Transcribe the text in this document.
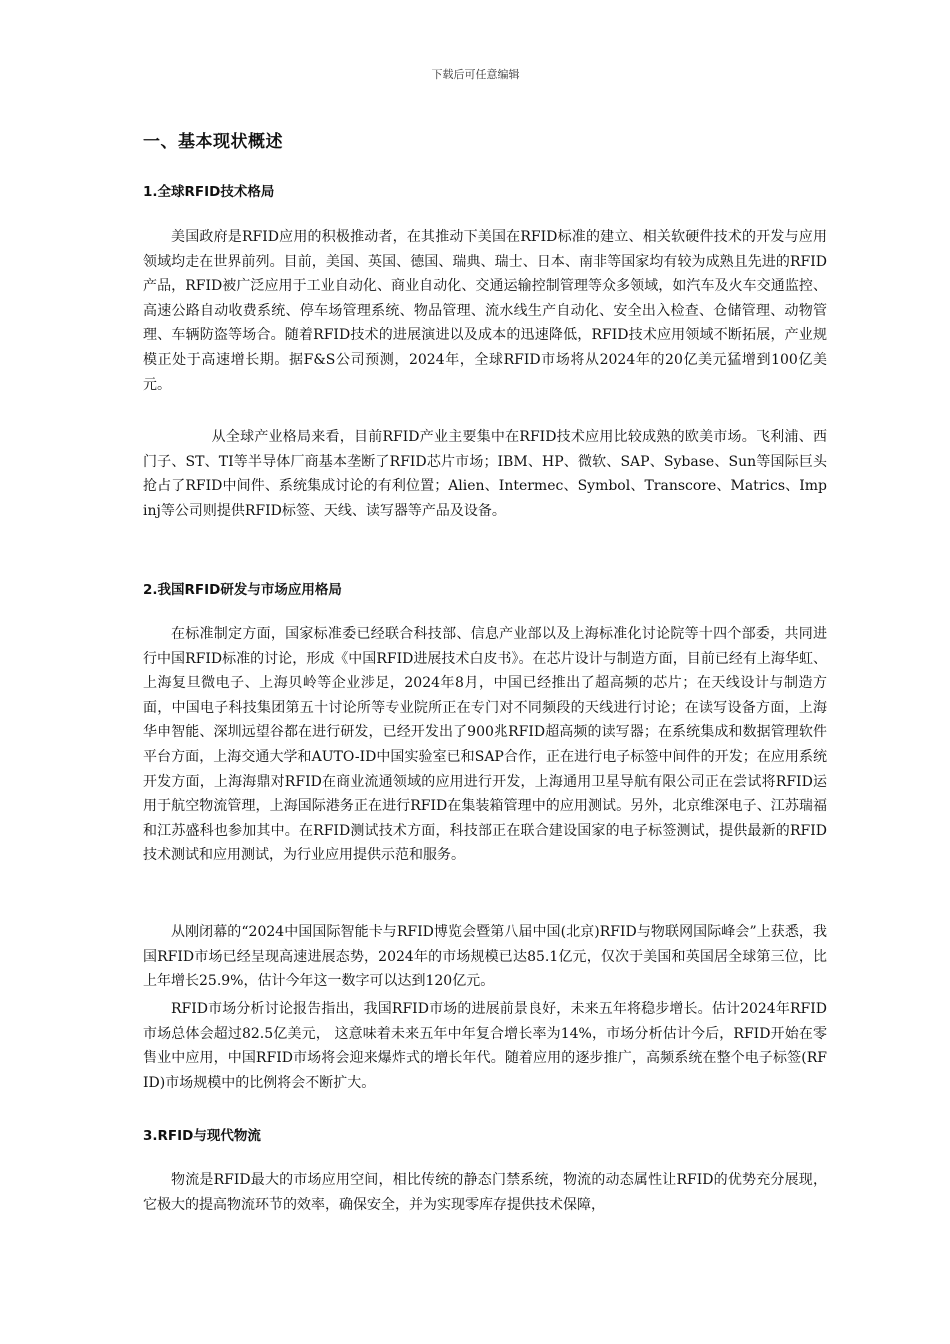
下载后可任意编辑
一、基本现状概述
1.全球RFID技术格局

美国政府是RFID应用的积极推动者，在其推动下美国在RFID标准的建立、相关软硬件技术的开发与应用领域均走在世界前列。目前，美国、英国、德国、瑞典、瑞士、日本、南非等国家均有较为成熟且先进的RFID产品，RFID被广泛应用于工业自动化、商业自动化、交通运输控制管理等众多领域，如汽车及火车交通监控、高速公路自动收费系统、停车场管理系统、物品管理、流水线生产自动化、安全出入检查、仓储管理、动物管理、车辆防盗等场合。随着RFID技术的进展演进以及成本的迅速降低，RFID技术应用领域不断拓展，产业规模正处于高速增长期。据F&S公司预测，2024年，全球RFID市场将从2024年的20亿美元猛增到100亿美元。

从全球产业格局来看，目前RFID产业主要集中在RFID技术应用比较成熟的欧美市场。飞利浦、西门子、ST、TI等半导体厂商基本垄断了RFID芯片市场；IBM、HP、微软、SAP、Sybase、Sun等国际巨头抢占了RFID中间件、系统集成讨论的有利位置；Alien、Intermec、Symbol、Transcore、Matrics、Impinj等公司则提供RFID标签、天线、读写器等产品及设备。

2.我国RFID研发与市场应用格局

在标准制定方面，国家标准委已经联合科技部、信息产业部以及上海标准化讨论院等十四个部委，共同进行中国RFID标准的讨论，形成《中国RFID进展技术白皮书》。在芯片设计与制造方面，目前已经有上海华虹、上海复旦微电子、上海贝岭等企业涉足，2024年8月，中国已经推出了超高频的芯片；在天线设计与制造方面，中国电子科技集团第五十讨论所等专业院所正在专门对不同频段的天线进行讨论；在读写设备方面，上海华申智能、深圳远望谷都在进行研发，已经开发出了900兆RFID超高频的读写器；在系统集成和数据管理软件平台方面，上海交通大学和AUTO-ID中国实验室已和SAP合作，正在进行电子标签中间件的开发；在应用系统开发方面，上海海鼎对RFID在商业流通领域的应用进行开发，上海通用卫星导航有限公司正在尝试将RFID运用于航空物流管理，上海国际港务正在进行RFID在集装箱管理中的应用测试。另外，北京维深电子、江苏瑞福和江苏盛科也参加其中。在RFID测试技术方面，科技部正在联合建设国家的电子标签测试，提供最新的RFID技术测试和应用测试，为行业应用提供示范和服务。

从刚闭幕的“2024中国国际智能卡与RFID博览会暨第八届中国(北京)RFID与物联网国际峰会”上获悉，我国RFID市场已经呈现高速进展态势，2024年的市场规模已达85.1亿元，仅次于美国和英国居全球第三位，比上年增长25.9%，估计今年这一数字可以达到120亿元。

RFID市场分析讨论报告指出，我国RFID市场的进展前景良好，未来五年将稳步增长。估计2024年RFID市场总体会超过82.5亿美元， 这意味着未来五年中年复合增长率为14%，市场分析估计今后，RFID开始在零售业中应用，中国RFID市场将会迎来爆炸式的增长年代。随着应用的逐步推广，高频系统在整个电子标签(RFID)市场规模中的比例将会不断扩大。

3.RFID与现代物流

物流是RFID最大的市场应用空间，相比传统的静态门禁系统，物流的动态属性让RFID的优势充分展现，它极大的提高物流环节的效率，确保安全，并为实现零库存提供技术保障，
